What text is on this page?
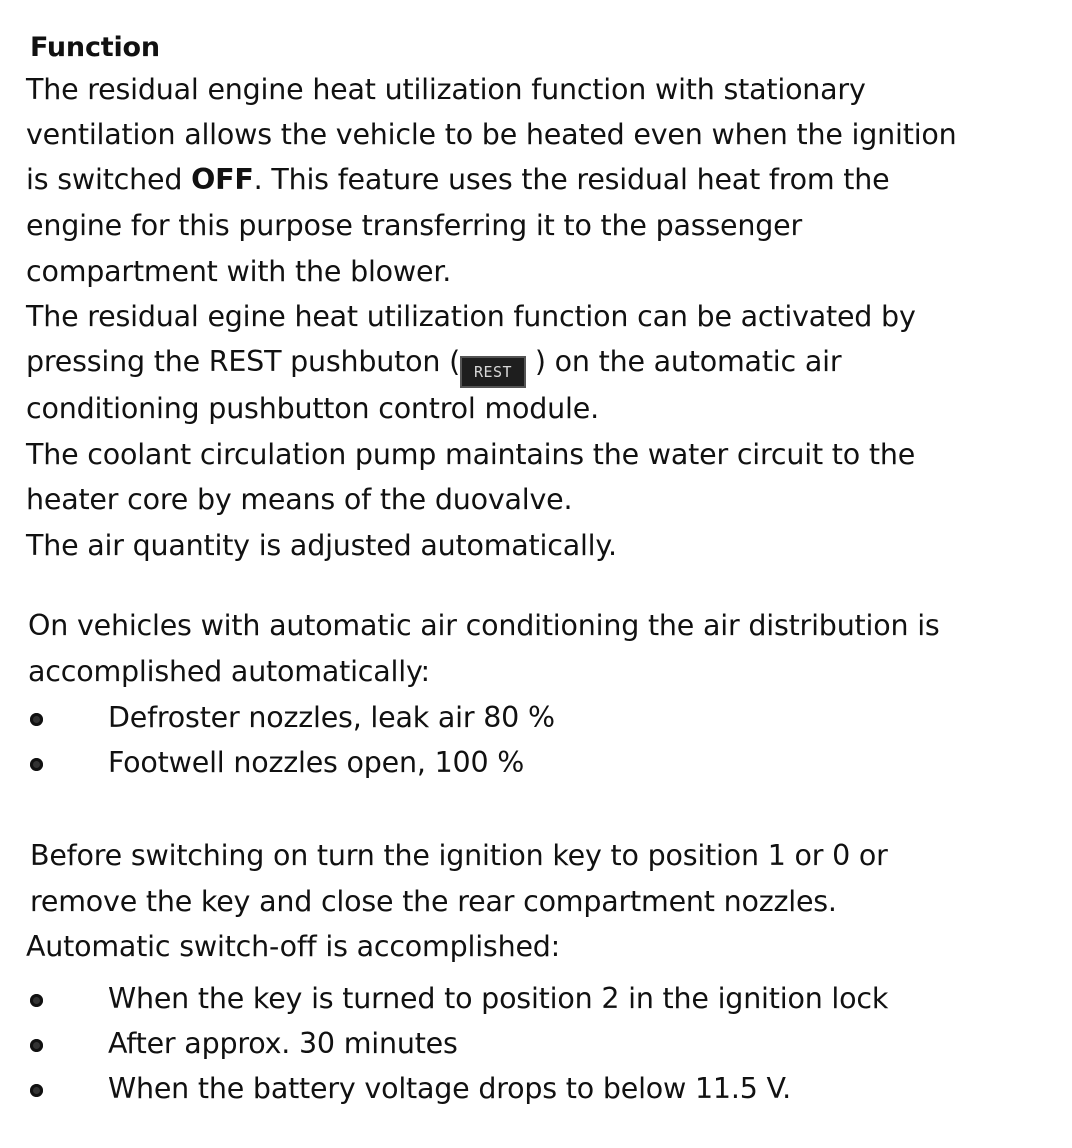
Function
The residual engine heat utilization function with stationary
ventilation allows the vehicle to be heated even when the ignition
is switched OFF. This feature uses the residual heat from the
engine for this purpose transferring it to the passenger
compartment with the blower.
The residual egine heat utilization function can be activated by
pressing the REST pushbuton ( REST ) on the automatic air
conditioning pushbutton control module.
The coolant circulation pump maintains the water circuit to the
heater core by means of the duovalve.
The air quantity is adjusted automatically.
On vehicles with automatic air conditioning the air distribution is
accomplished automatically:
Defroster nozzles, leak air 80 %
Footwell nozzles open, 100 %
Before switching on turn the ignition key to position 1 or 0 or
remove the key and close the rear compartment nozzles.
Automatic switch-off is accomplished:
When the key is turned to position 2 in the ignition lock
After approx. 30 minutes
When the battery voltage drops to below 11.5 V.
